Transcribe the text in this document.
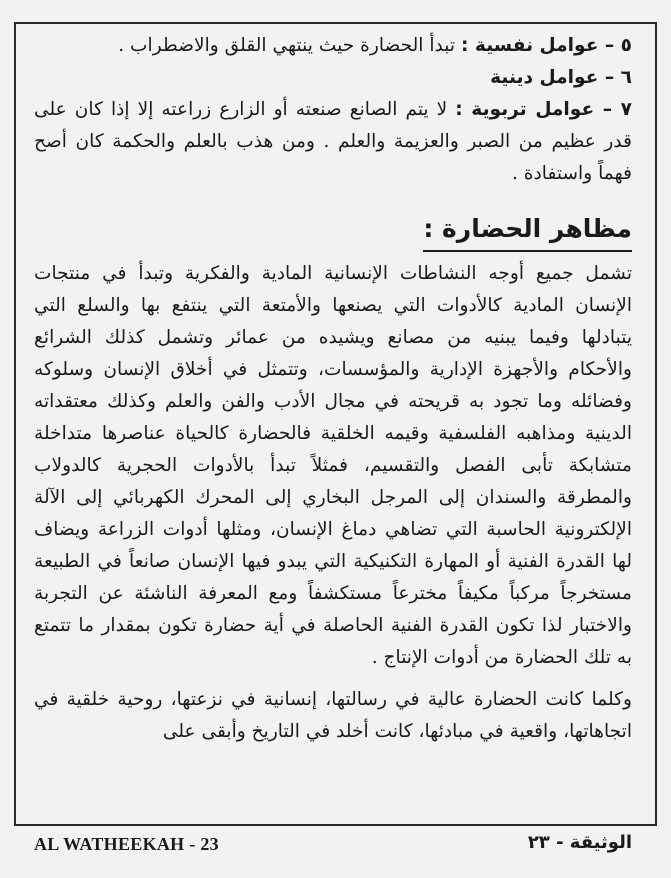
٥ – عوامل نفسية : تبدأ الحضارة حيث ينتهي القلق والاضطراب .

٦ – عوامل دينية

٧ – عوامل تربوية : لا يتم الصانع صنعته أو الزارع زراعته إلا إذا كان على قدر عظيم من الصبر والعزيمة والعلم . ومن هذب بالعلم والحكمة كان أصح فهماً واستفادة .

مظاهر الحضارة :

تشمل جميع أوجه النشاطات الإنسانية المادية والفكرية وتبدأ في منتجات الإنسان المادية كالأدوات التي يصنعها والأمتعة التي ينتفع بها والسلع التي يتبادلها وفيما يبنيه من مصانع ويشيده من عمائر وتشمل كذلك الشرائع والأحكام والأجهزة الإدارية والمؤسسات، وتتمثل في أخلاق الإنسان وسلوكه وفضائله وما تجود به قريحته في مجال الأدب والفن والعلم وكذلك معتقداته الدينية ومذاهبه الفلسفية وقيمه الخلقية فالحضارة كالحياة عناصرها متداخلة متشابكة تأبى الفصل والتقسيم، فمثلاً تبدأ بالأدوات الحجرية كالدولاب والمطرقة والسندان إلى المرجل البخاري إلى المحرك الكهربائي إلى الآلة الإلكترونية الحاسبة التي تضاهي دماغ الإنسان، ومثلها أدوات الزراعة ويضاف لها القدرة الفنية أو المهارة التكنيكية التي يبدو فيها الإنسان صانعاً في الطبيعة مستخرجاً مركباً مكيفاً مخترعاً مستكشفاً ومع المعرفة الناشئة عن التجربة والاختبار لذا تكون القدرة الفنية الحاصلة في أية حضارة تكون بمقدار ما تتمتع به تلك الحضارة من أدوات الإنتاج .

وكلما كانت الحضارة عالية في رسالتها، إنسانية في نزعتها، روحية خلقية في اتجاهاتها، واقعية في مبادئها، كانت أخلد في التاريخ وأبقى على

AL WATHEEKAH - 23	الوثيقة - ٢٣
